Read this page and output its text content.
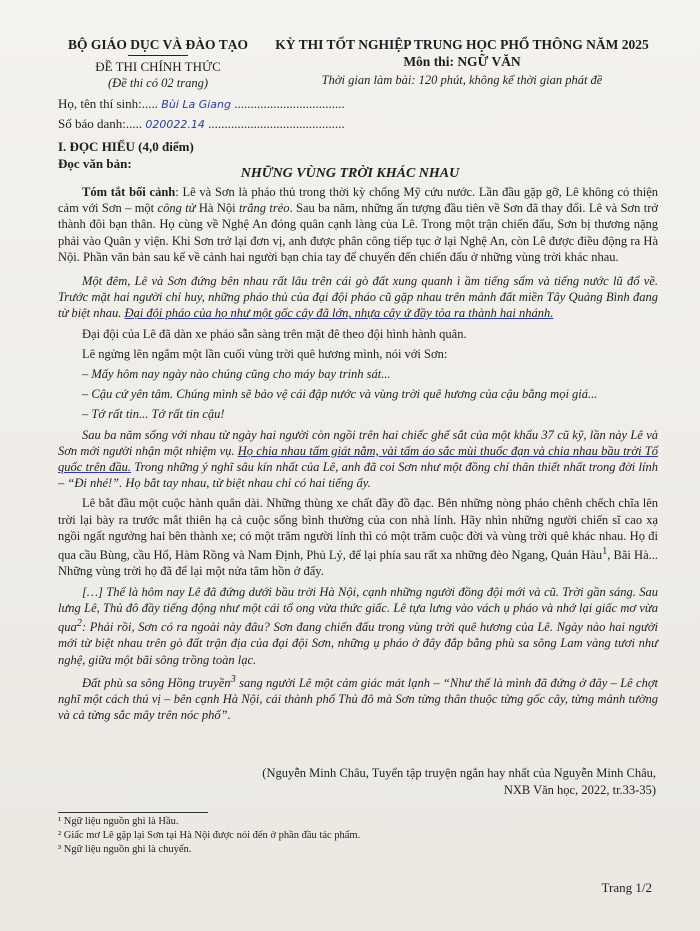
BỘ GIÁO DỤC VÀ ĐÀO TẠO
ĐỀ THI CHÍNH THỨC
(Đề thi có 02 trang)
KỲ THI TỐT NGHIỆP TRUNG HỌC PHỔ THÔNG NĂM 2025
Môn thi: NGỮ VĂN
Thời gian làm bài: 120 phút, không kể thời gian phát đề
Họ, tên thí sinh:..... Bùi La Giang ..................................
Số báo danh:..... 020022.14 ..........................................
I. ĐỌC HIỂU (4,0 điểm)
Đọc văn bản:
NHỮNG VÙNG TRỜI KHÁC NHAU

Tóm tắt bối cảnh: Lê và Sơn là pháo thủ trong thời kỳ chống Mỹ cứu nước. Lần đầu gặp gỡ, Lê không có thiện cảm với Sơn – một công tử Hà Nội trắng trẻo. Sau ba năm, những ấn tượng đầu tiên về Sơn đã thay đổi. Lê và Sơn trở thành đôi bạn thân. Họ cùng về Nghệ An đóng quân cạnh làng của Lê. Trong một trận chiến đấu, Sơn bị thương nặng phải vào Quân y viện. Khi Sơn trở lại đơn vị, anh được phân công tiếp tục ở lại Nghệ An, còn Lê được điều động ra Hà Nội. Phần văn bản sau kể về cảnh hai người bạn chia tay để chuyển đến chiến đấu ở những vùng trời khác nhau.

Một đêm, Lê và Sơn đứng bên nhau rất lâu trên cái gò đất xung quanh ì ầm tiếng sấm và tiếng nước lũ đổ về. Trước mặt hai người chỉ huy, những pháo thủ của đại đội pháo cũ gặp nhau trên mảnh đất miền Tây Quảng Bình đang từ biệt nhau. Đại đội pháo của họ như một gốc cây đã lớn, nhựa cây ứ đầy tỏa ra thành hai nhánh.

Đại đội của Lê đã dàn xe pháo sẵn sàng trên mặt đê theo đội hình hành quân.

Lê ngửng lên ngắm một lần cuối vùng trời quê hương mình, nói với Sơn:

– Mấy hôm nay ngày nào chúng cũng cho máy bay trinh sát...

– Cậu cứ yên tâm. Chúng mình sẽ bảo vệ cái đập nước và vùng trời quê hương của cậu bằng mọi giá...

– Tớ rất tin... Tớ rất tin cậu!

Sau ba năm sống với nhau từ ngày hai người còn ngồi trên hai chiếc ghế sắt của một khẩu 37 cũ kỹ, lần này Lê và Sơn mới người nhận một nhiệm vụ. Họ chia nhau tấm giát nằm, vài tấm áo sắc mùi thuốc đạn và chia nhau bầu trời Tổ quốc trên đầu. Trong những ý nghĩ sâu kín nhất của Lê, anh đã coi Sơn như một đồng chí thân thiết nhất trong đời lính – “Đi nhé!”. Họ bắt tay nhau, từ biệt nhau chỉ có hai tiếng ấy.

Lê bắt đầu một cuộc hành quân dài. Những thùng xe chất đầy đồ đạc. Bên những nòng pháo chênh chếch chĩa lên trời lại bày ra trước mắt thiên hạ cả cuộc sống bình thường của con nhà lính. Hãy nhìn những người chiến sĩ cao xạ ngồi ngất ngưởng hai bên thành xe; có một trăm người lính thì có một trăm cuộc đời và vùng trời quê khác nhau. Họ đi qua cầu Bùng, cầu Hổ, Hàm Rồng và Nam Định, Phủ Lý, để lại phía sau rất xa những đèo Ngang, Quán Hàu$^1$, Bãi Hà... Những vùng trời họ đã để lại một nửa tâm hồn ở đấy.

[…] Thế là hôm nay Lê đã đứng dưới bầu trời Hà Nội, cạnh những người đồng đội mới và cũ. Trời gần sáng. Sau lưng Lê, Thủ đô đầy tiếng động như một cái tổ ong vừa thức giấc. Lê tựa lưng vào vách ụ pháo và nhớ lại giấc mơ vừa qua$^2$: Phải rồi, Sơn có ra ngoài này đâu? Sơn đang chiến đấu trong vùng trời quê hương của Lê. Ngày nào hai người mới từ biệt nhau trên gò đất trận địa của đại đội Sơn, những ụ pháo ở đây đắp bằng phù sa sông Lam vàng tươi như nghệ, giữa một bãi sông trồng toàn lạc.

Đất phù sa sông Hồng truyền$^3$ sang người Lê một cảm giác mát lạnh – “Như thế là mình đã đứng ở đây – Lê chợt nghĩ một cách thú vị – bên cạnh Hà Nội, cái thành phố Thủ đô mà Sơn từng thân thuộc từng gốc cây, từng mảnh tường và cả từng sắc mây trên nóc phố”.

(Nguyễn Minh Châu, Tuyển tập truyện ngắn hay nhất của Nguyễn Minh Châu,
NXB Văn học, 2022, tr.33-35)
¹ Ngữ liệu nguồn ghi là Hầu.
² Giấc mơ Lê gặp lại Sơn tại Hà Nội được nói đến ở phần đầu tác phẩm.
³ Ngữ liệu nguồn ghi là chuyển.
Trang 1/2
